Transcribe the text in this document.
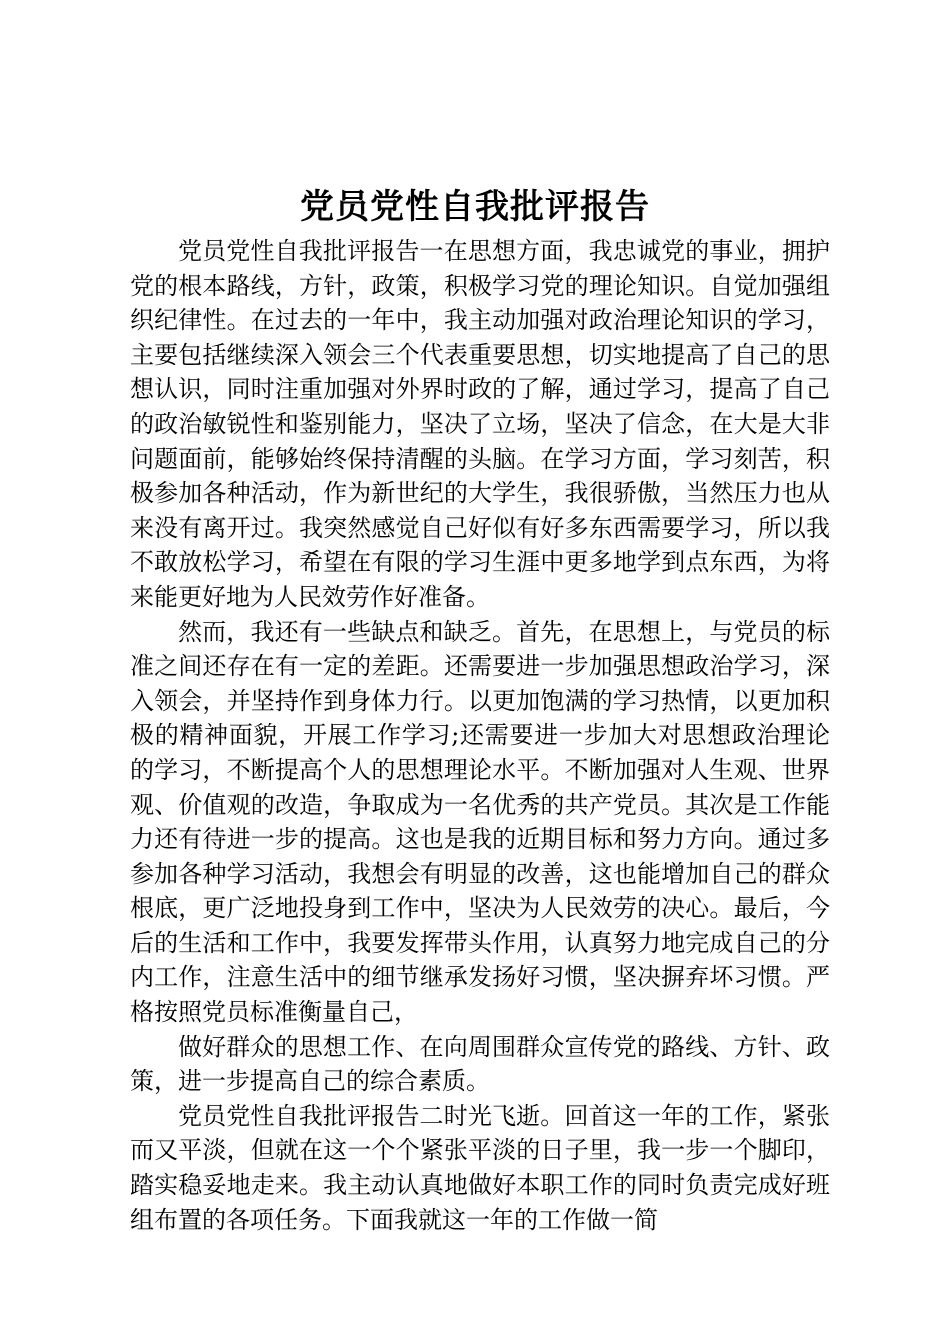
党员党性自我批评报告

党员党性自我批评报告一在思想方面，我忠诚党的事业，拥护党的根本路线，方针，政策，积极学习党的理论知识。自觉加强组织纪律性。在过去的一年中，我主动加强对政治理论知识的学习，主要包括继续深入领会三个代表重要思想，切实地提高了自己的思想认识，同时注重加强对外界时政的了解，通过学习，提高了自己的政治敏锐性和鉴别能力，坚决了立场，坚决了信念，在大是大非问题面前，能够始终保持清醒的头脑。在学习方面，学习刻苦，积极参加各种活动，作为新世纪的大学生，我很骄傲，当然压力也从来没有离开过。我突然感觉自己好似有好多东西需要学习，所以我不敢放松学习，希望在有限的学习生涯中更多地学到点东西，为将来能更好地为人民效劳作好准备。

然而，我还有一些缺点和缺乏。首先，在思想上，与党员的标准之间还存在有一定的差距。还需要进一步加强思想政治学习，深入领会，并坚持作到身体力行。以更加饱满的学习热情，以更加积极的精神面貌，开展工作学习;还需要进一步加大对思想政治理论的学习，不断提高个人的思想理论水平。不断加强对人生观、世界观、价值观的改造，争取成为一名优秀的共产党员。其次是工作能力还有待进一步的提高。这也是我的近期目标和努力方向。通过多参加各种学习活动，我想会有明显的改善，这也能增加自己的群众根底，更广泛地投身到工作中，坚决为人民效劳的决心。最后，今后的生活和工作中，我要发挥带头作用，认真努力地完成自己的分内工作，注意生活中的细节继承发扬好习惯，坚决摒弃坏习惯。严格按照党员标准衡量自己，

做好群众的思想工作、在向周围群众宣传党的路线、方针、政策，进一步提高自己的综合素质。

党员党性自我批评报告二时光飞逝。回首这一年的工作，紧张而又平淡，但就在这一个个紧张平淡的日子里，我一步一个脚印，踏实稳妥地走来。我主动认真地做好本职工作的同时负责完成好班组布置的各项任务。下面我就这一年的工作做一简
